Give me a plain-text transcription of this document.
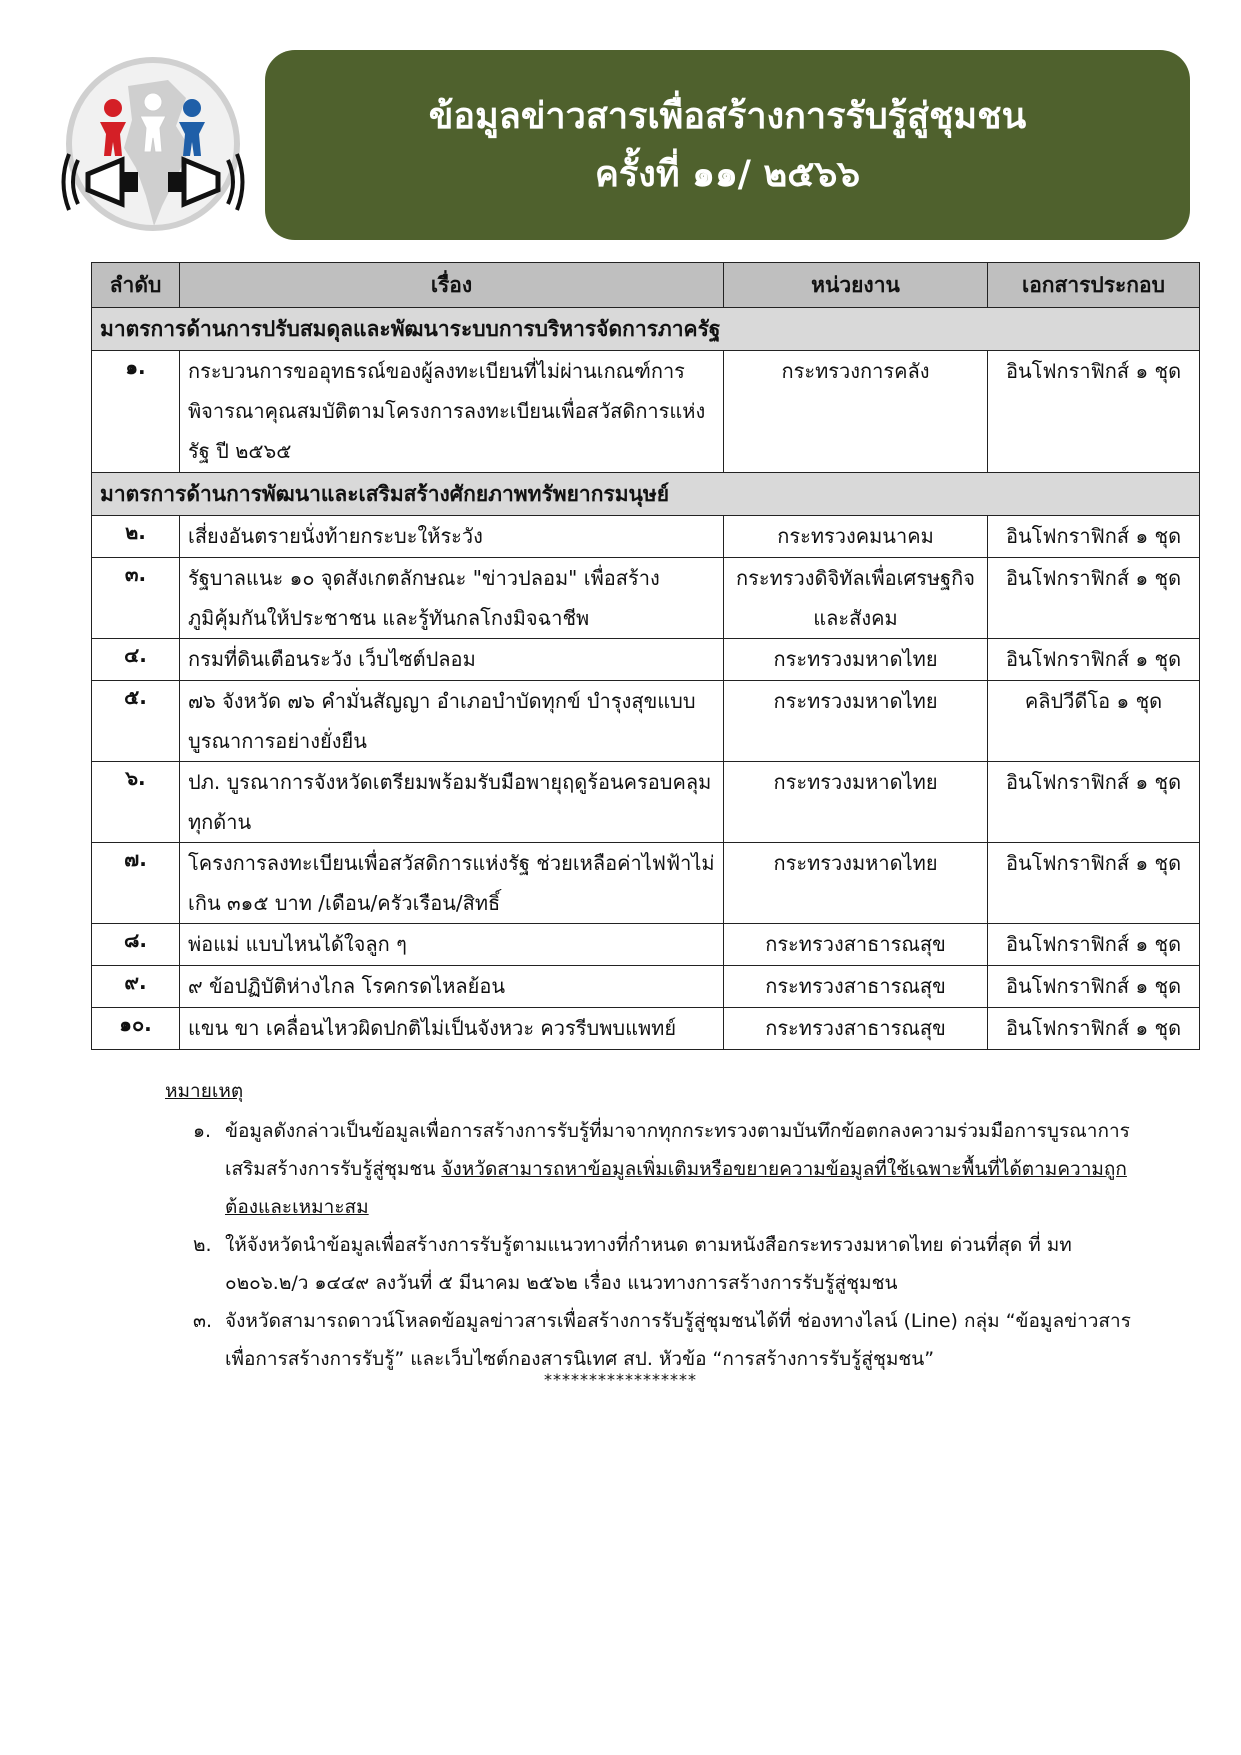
ข้อมูลข่าวสารเพื่อสร้างการรับรู้สู่ชุมชน
ครั้งที่ ๑๑/ ๒๕๖๖
ลำดับ	เรื่อง	หน่วยงาน	เอกสารประกอบ
มาตรการด้านการปรับสมดุลและพัฒนาระบบการบริหารจัดการภาครัฐ			
๑.	กระบวนการขออุทธรณ์ของผู้ลงทะเบียนที่ไม่ผ่านเกณฑ์การพิจารณาคุณสมบัติตามโครงการลงทะเบียนเพื่อสวัสดิการแห่งรัฐ ปี ๒๕๖๕	กระทรวงการคลัง	อินโฟกราฟิกส์ ๑ ชุด
มาตรการด้านการพัฒนาและเสริมสร้างศักยภาพทรัพยากรมนุษย์			
๒.	เสี่ยงอันตรายนั่งท้ายกระบะให้ระวัง	กระทรวงคมนาคม	อินโฟกราฟิกส์ ๑ ชุด
๓.	รัฐบาลแนะ ๑๐ จุดสังเกตลักษณะ "ข่าวปลอม" เพื่อสร้างภูมิคุ้มกันให้ประชาชน และรู้ทันกลโกงมิจฉาชีพ	กระทรวงดิจิทัลเพื่อเศรษฐกิจและสังคม	อินโฟกราฟิกส์ ๑ ชุด
๔.	กรมที่ดินเตือนระวัง เว็บไซต์ปลอม	กระทรวงมหาดไทย	อินโฟกราฟิกส์ ๑ ชุด
๕.	๗๖ จังหวัด ๗๖ คำมั่นสัญญา อำเภอบำบัดทุกข์ บำรุงสุขแบบบูรณาการอย่างยั่งยืน	กระทรวงมหาดไทย	คลิปวีดีโอ ๑ ชุด
๖.	ปภ. บูรณาการจังหวัดเตรียมพร้อมรับมือพายุฤดูร้อนครอบคลุมทุกด้าน	กระทรวงมหาดไทย	อินโฟกราฟิกส์ ๑ ชุด
๗.	โครงการลงทะเบียนเพื่อสวัสดิการแห่งรัฐ ช่วยเหลือค่าไฟฟ้าไม่เกิน ๓๑๕ บาท /เดือน/ครัวเรือน/สิทธิ์	กระทรวงมหาดไทย	อินโฟกราฟิกส์ ๑ ชุด
๘.	พ่อแม่ แบบไหนได้ใจลูก ๆ	กระทรวงสาธารณสุข	อินโฟกราฟิกส์ ๑ ชุด
๙.	๙ ข้อปฏิบัติห่างไกล โรคกรดไหลย้อน	กระทรวงสาธารณสุข	อินโฟกราฟิกส์ ๑ ชุด
๑๐.	แขน ขา เคลื่อนไหวผิดปกติไม่เป็นจังหวะ ควรรีบพบแพทย์	กระทรวงสาธารณสุข	อินโฟกราฟิกส์ ๑ ชุด
หมายเหตุ
๑. ข้อมูลดังกล่าวเป็นข้อมูลเพื่อการสร้างการรับรู้ที่มาจากทุกกระทรวงตามบันทึกข้อตกลงความร่วมมือการบูรณาการเสริมสร้างการรับรู้สู่ชุมชน จังหวัดสามารถหาข้อมูลเพิ่มเติมหรือขยายความข้อมูลที่ใช้เฉพาะพื้นที่ได้ตามความถูกต้องและเหมาะสม
๒. ให้จังหวัดนำข้อมูลเพื่อสร้างการรับรู้ตามแนวทางที่กำหนด ตามหนังสือกระทรวงมหาดไทย ด่วนที่สุด ที่ มท ๐๒๐๖.๒/ว ๑๔๔๙ ลงวันที่ ๕ มีนาคม ๒๕๖๒ เรื่อง แนวทางการสร้างการรับรู้สู่ชุมชน
๓. จังหวัดสามารถดาวน์โหลดข้อมูลข่าวสารเพื่อสร้างการรับรู้สู่ชุมชนได้ที่ ช่องทางไลน์ (Line) กลุ่ม “ข้อมูลข่าวสารเพื่อการสร้างการรับรู้” และเว็บไซต์กองสารนิเทศ สป. หัวข้อ “การสร้างการรับรู้สู่ชุมชน”
*****************
